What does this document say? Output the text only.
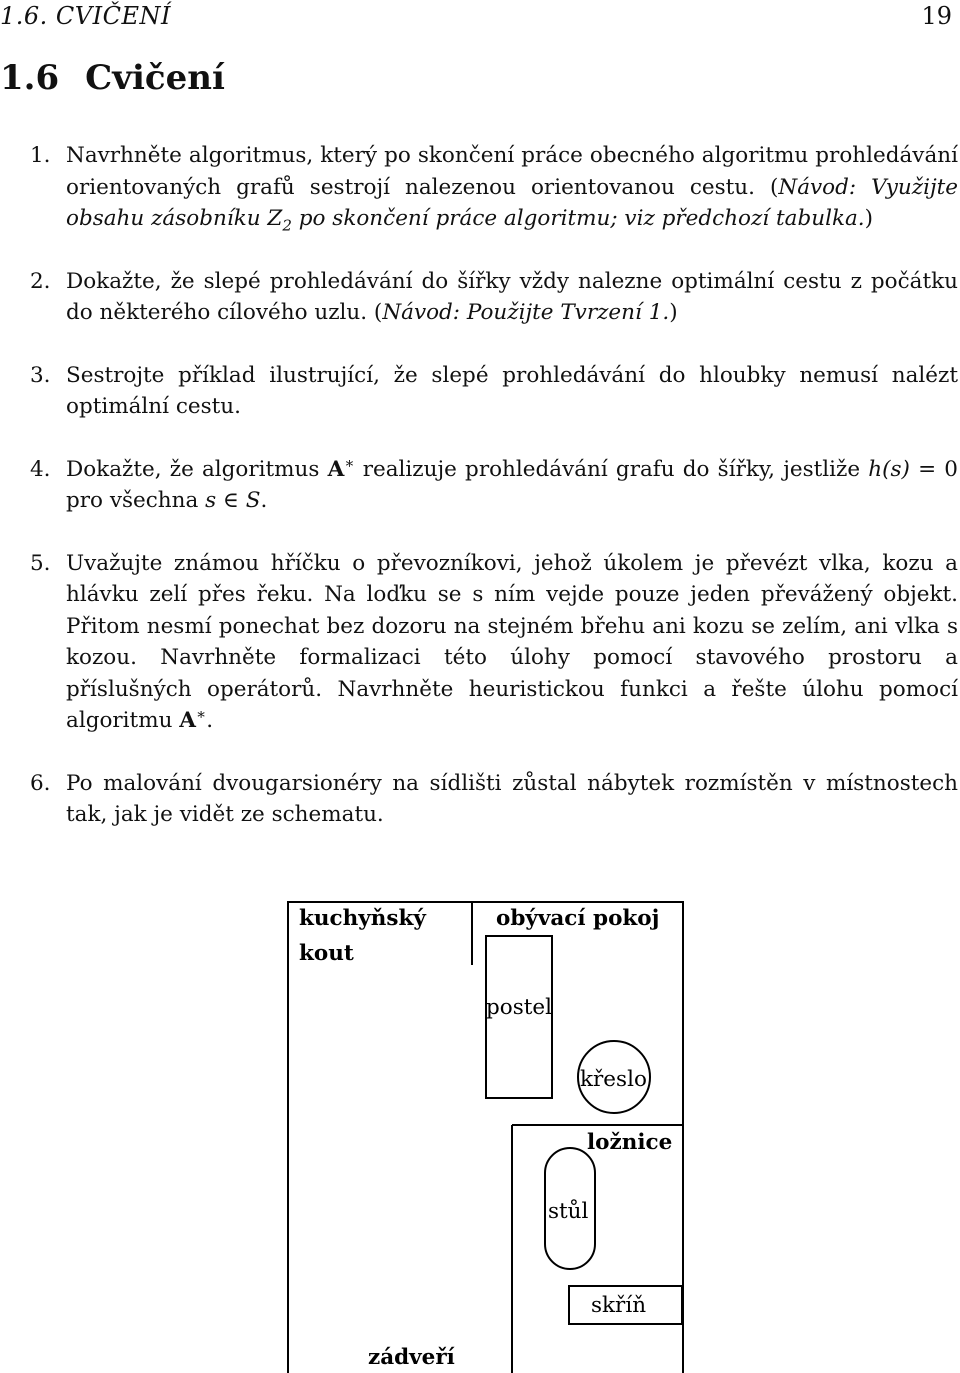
1.6. CVIČENÍ	19
1.6 Cvičení
1. Navrhněte algoritmus, který po skončení práce obecného algoritmu prohledávání orientovaných grafů sestrojí nalezenou orientovanou cestu. (Návod: Využijte obsahu zásobníku $Z_2$ po skončení práce algoritmu; viz předchozí tabulka.)
2. Dokažte, že slepé prohledávání do šířky vždy nalezne optimální cestu z počátku do některého cílového uzlu. (Návod: Použijte Tvrzení 1.)
3. Sestrojte příklad ilustrující, že slepé prohledávání do hloubky nemusí nalézt optimální cestu.
4. Dokažte, že algoritmus A∗ realizuje prohledávání grafu do šířky, jestliže h(s) = 0 pro všechna s ∈ S.
5. Uvažujte známou hříčku o převozníkovi, jehož úkolem je převézt vlka, kozu a hlávku zelí přes řeku. Na loďku se s ním vejde pouze jeden převážený objekt. Přitom nesmí ponechat bez dozoru na stejném břehu ani kozu se zelím, ani vlka s kozou. Navrhněte formalizaci této úlohy pomocí stavového prostoru a příslušných operátorů. Navrhněte heuristickou funkci a řešte úlohu pomocí algoritmu A∗.
6. Po malování dvougarsionéry na sídlišti zůstal nábytek rozmístěn v místnostech tak, jak je vidět ze schematu.
kuchyňský
kout
obývací pokoj
postel
křeslo
ložnice
stůl
skříň
zádveří
